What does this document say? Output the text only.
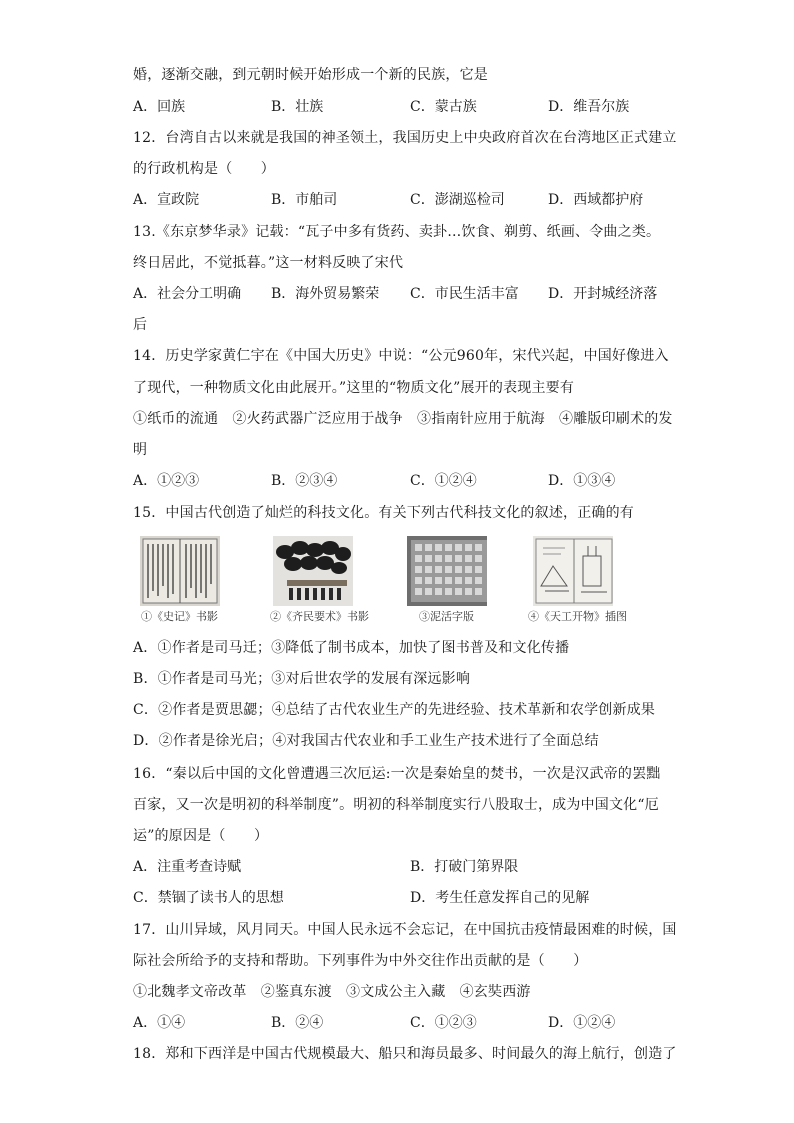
婚，逐渐交融，到元朝时候开始形成一个新的民族，它是
A．回族	B．壮族	C．蒙古族	D．维吾尔族
12．台湾自古以来就是我国的神圣领土，我国历史上中央政府首次在台湾地区正式建立
的行政机构是（　　）
A．宣政院	B．市舶司	C．澎湖巡检司	D．西域都护府
13.《东京梦华录》记载：“瓦子中多有货药、卖卦…饮食、剃剪、纸画、令曲之类。
终日居此，不觉抵暮。”这一材料反映了宋代
A．社会分工明确 B．海外贸易繁荣 C．市民生活丰富 D．开封城经济落
后
14．历史学家黄仁宇在《中国大历史》中说：“公元960年，宋代兴起，中国好像进入
了现代，一种物质文化由此展开。”这里的“物质文化”展开的表现主要有
①纸币的流通　②火药武器广泛应用于战争　③指南针应用于航海　④雕版印刷术的发
明
A．①②③	B．②③④	C．①②④	D．①③④
15．中国古代创造了灿烂的科技文化。有关下列古代科技文化的叙述，正确的有
①《史记》书影	②《齐民要术》书影	③泥活字版	④《天工开物》插图
A．①作者是司马迁；③降低了制书成本，加快了图书普及和文化传播
B．①作者是司马光；③对后世农学的发展有深远影响
C．②作者是贾思勰；④总结了古代农业生产的先进经验、技术革新和农学创新成果
D．②作者是徐光启；④对我国古代农业和手工业生产技术进行了全面总结
16．“秦以后中国的文化曾遭遇三次厄运:一次是秦始皇的焚书，一次是汉武帝的罢黜
百家，又一次是明初的科举制度”。明初的科举制度实行八股取士，成为中国文化“厄
运”的原因是（　　）
A．注重考查诗赋	B．打破门第界限
C．禁锢了读书人的思想	D．考生任意发挥自己的见解
17．山川异域，风月同天。中国人民永远不会忘记，在中国抗击疫情最困难的时候，国
际社会所给予的支持和帮助。下列事件为中外交往作出贡献的是（　　）
①北魏孝文帝改革　②鉴真东渡　③文成公主入藏　④玄奘西游
A．①④	B．②④	C．①②③	D．①②④
18．郑和下西洋是中国古代规模最大、船只和海员最多、时间最久的海上航行，创造了
